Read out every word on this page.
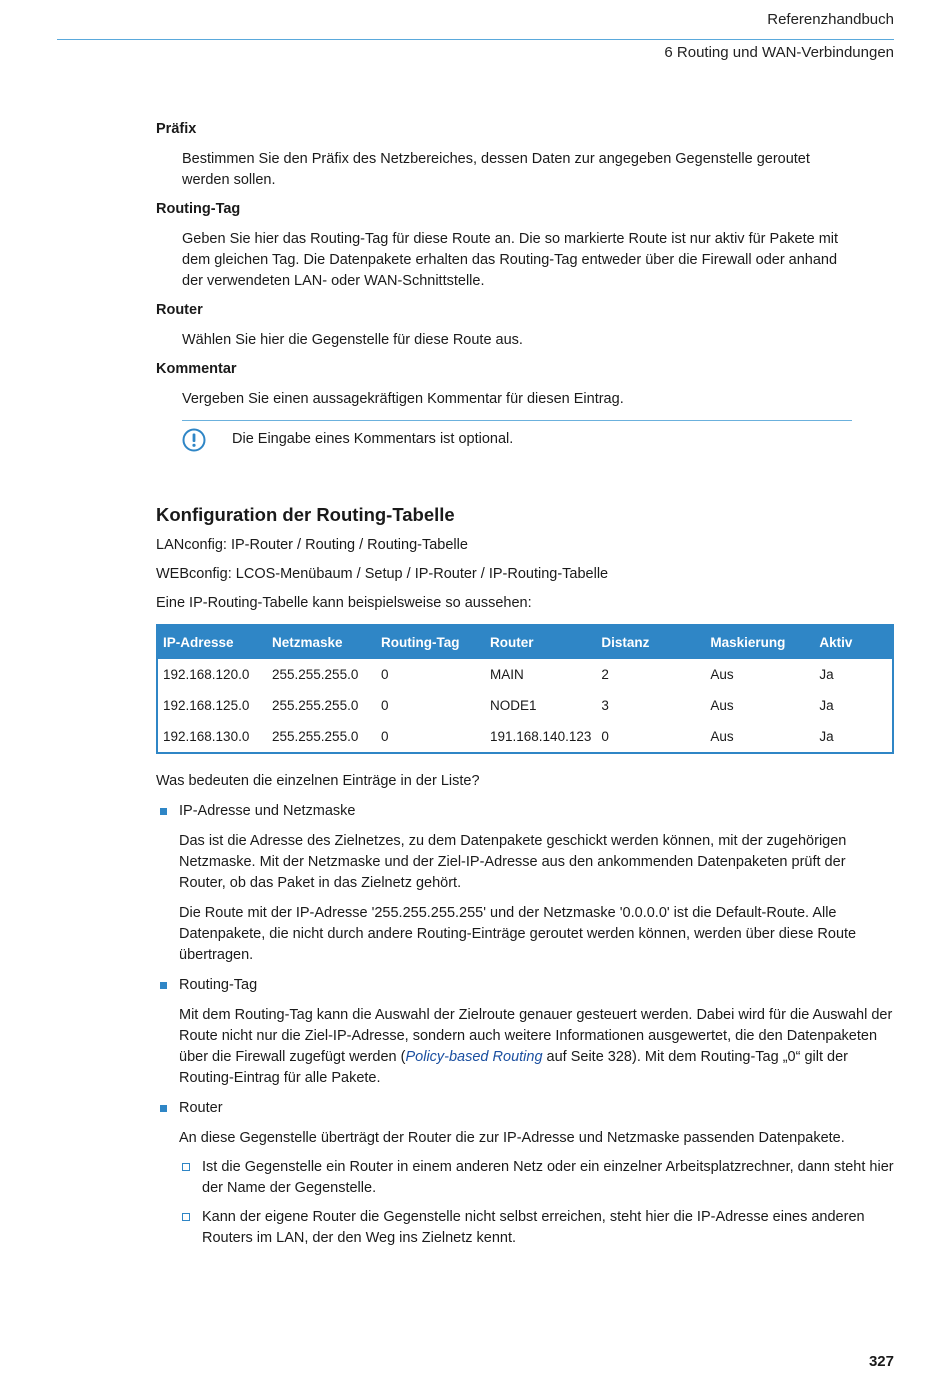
Referenzhandbuch
6 Routing und WAN-Verbindungen

Präfix

Bestimmen Sie den Präfix des Netzbereiches, dessen Daten zur angegeben Gegenstelle geroutet werden sollen.

Routing-Tag

Geben Sie hier das Routing-Tag für diese Route an. Die so markierte Route ist nur aktiv für Pakete mit dem gleichen Tag. Die Datenpakete erhalten das Routing-Tag entweder über die Firewall oder anhand der verwendeten LAN- oder WAN-Schnittstelle.

Router

Wählen Sie hier die Gegenstelle für diese Route aus.

Kommentar

Vergeben Sie einen aussagekräftigen Kommentar für diesen Eintrag.

Die Eingabe eines Kommentars ist optional.

Konfiguration der Routing-Tabelle

LANconfig: IP-Router / Routing / Routing-Tabelle

WEBconfig: LCOS-Menübaum / Setup / IP-Router / IP-Routing-Tabelle

Eine IP-Routing-Tabelle kann beispielsweise so aussehen:

IP-Adresse	Netzmaske	Routing-Tag	Router	Distanz	Maskierung	Aktiv
192.168.120.0	255.255.255.0	0	MAIN	2	Aus	Ja
192.168.125.0	255.255.255.0	0	NODE1	3	Aus	Ja
192.168.130.0	255.255.255.0	0	191.168.140.123	0	Aus	Ja

Was bedeuten die einzelnen Einträge in der Liste?

IP-Adresse und Netzmaske

Das ist die Adresse des Zielnetzes, zu dem Datenpakete geschickt werden können, mit der zugehörigen Netzmaske. Mit der Netzmaske und der Ziel-IP-Adresse aus den ankommenden Datenpaketen prüft der Router, ob das Paket in das Zielnetz gehört.

Die Route mit der IP-Adresse '255.255.255.255' und der Netzmaske '0.0.0.0' ist die Default-Route. Alle Datenpakete, die nicht durch andere Routing-Einträge geroutet werden können, werden über diese Route übertragen.

Routing-Tag

Mit dem Routing-Tag kann die Auswahl der Zielroute genauer gesteuert werden. Dabei wird für die Auswahl der Route nicht nur die Ziel-IP-Adresse, sondern auch weitere Informationen ausgewertet, die den Datenpaketen über die Firewall zugefügt werden (Policy-based Routing auf Seite 328). Mit dem Routing-Tag „0“ gilt der Routing-Eintrag für alle Pakete.

Router

An diese Gegenstelle überträgt der Router die zur IP-Adresse und Netzmaske passenden Datenpakete.

Ist die Gegenstelle ein Router in einem anderen Netz oder ein einzelner Arbeitsplatzrechner, dann steht hier der Name der Gegenstelle.

Kann der eigene Router die Gegenstelle nicht selbst erreichen, steht hier die IP-Adresse eines anderen Routers im LAN, der den Weg ins Zielnetz kennt.

327
